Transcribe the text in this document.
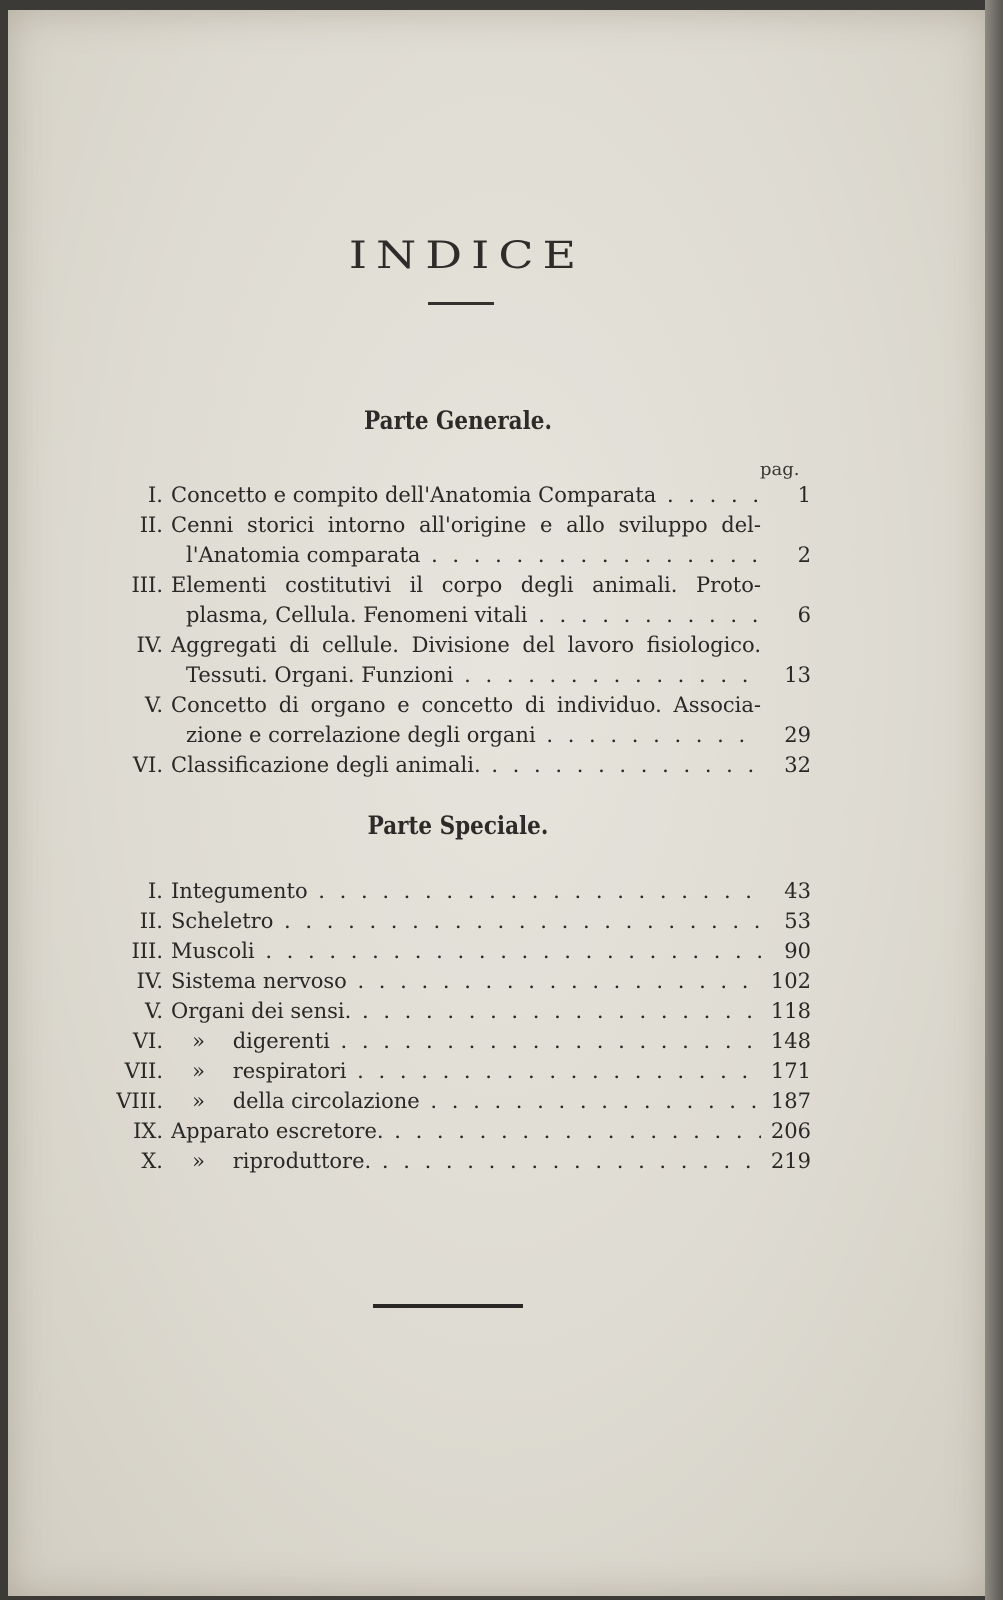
INDICE
Parte Generale.
pag.
I. Concetto e compito dell'Anatomia Comparata . . .	1
II. Cenni storici intorno all'origine e allo sviluppo del-
l'Anatomia comparata . . .	2
III. Elementi costitutivi il corpo degli animali. Proto-
plasma, Cellula. Fenomeni vitali . . .	6
IV. Aggregati di cellule. Divisione del lavoro fisiologico.
Tessuti. Organi. Funzioni . . .	13
V. Concetto di organo e concetto di individuo. Associa-
zione e correlazione degli organi . . .	29
VI. Classificazione degli animali. . . .	32
Parte Speciale.
I. Integumento . . .	43
II. Scheletro . . .	53
III. Muscoli . . .	90
IV. Sistema nervoso . . .	102
V. Organi dei sensi. . . .	118
VI.	» digerenti . . .	148
VII.	» respiratori . . .	171
VIII.	» della circolazione . . .	187
IX. Apparato escretore. . . .	206
X.	» riproduttore. . . .	219
